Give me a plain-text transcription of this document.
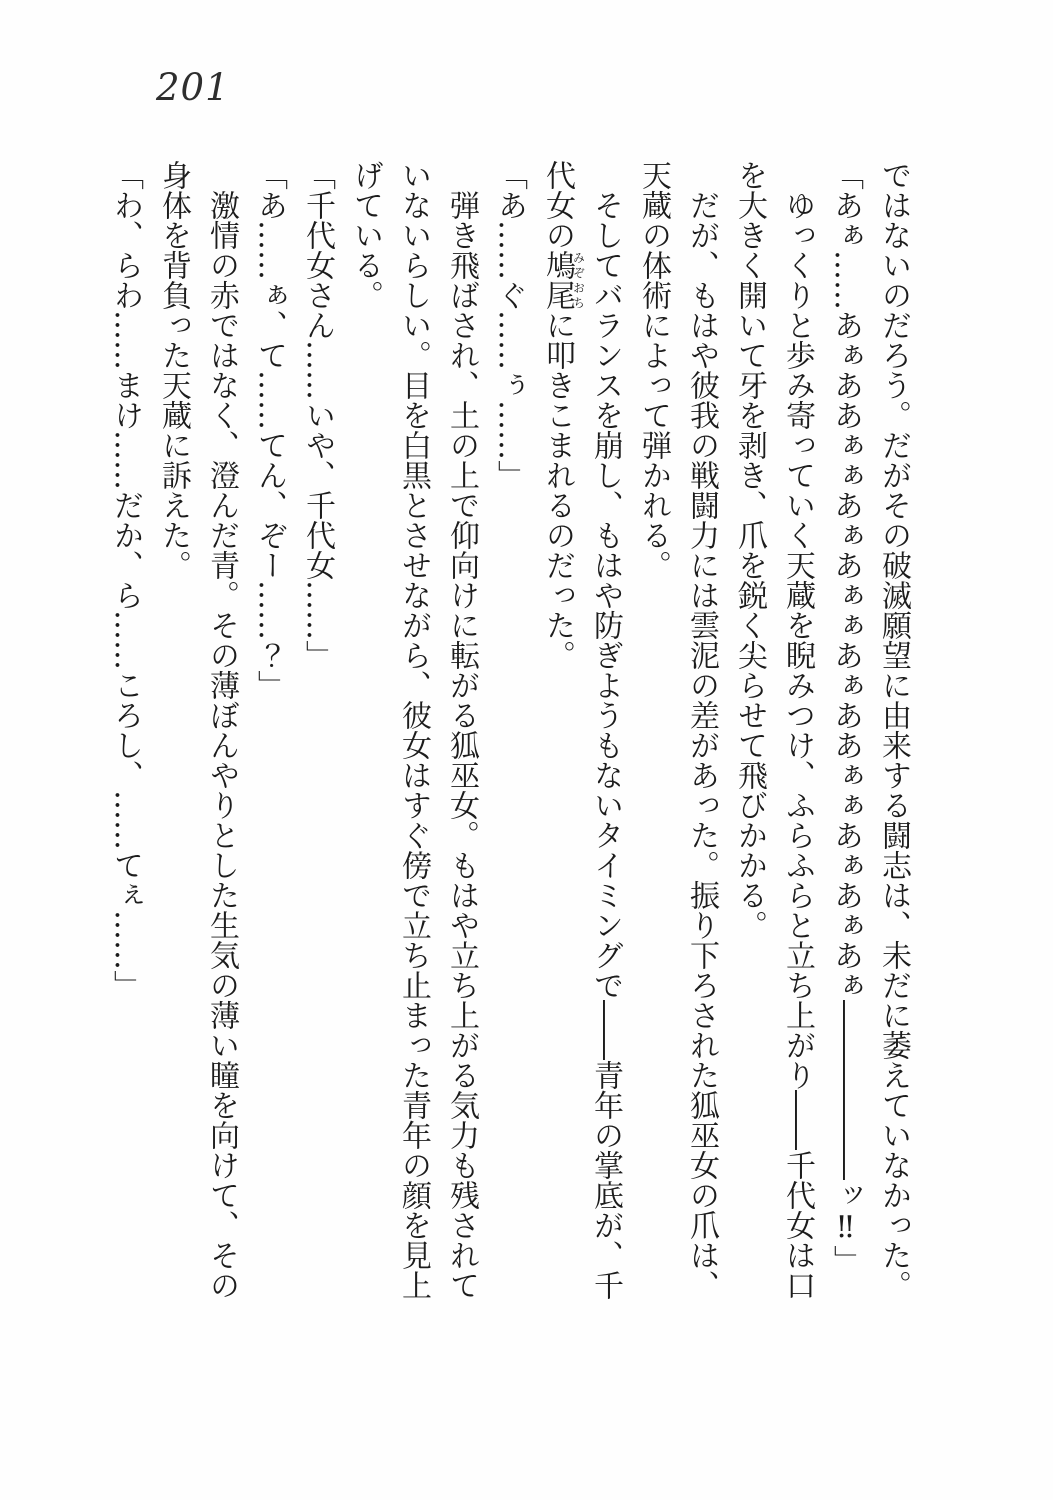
201

ではないのだろう。だがその破滅願望に由来する闘志は、未だに萎えていなかった。

「あぁ……あぁああぁぁあぁあぁぁあぁああぁぁあぁあぁあぁ――――――ッ‼」

ゆっくりと歩み寄っていく天蔵を睨みつけ、ふらふらと立ち上がり――千代女は口を大きく開いて牙を剥き、爪を鋭く尖らせて飛びかかる。

だが、もはや彼我の戦闘力には雲泥の差があった。振り下ろされた狐巫女の爪は、天蔵の体術によって弾かれる。

そしてバランスを崩し、もはや防ぎようもないタイミングで――青年の掌底が、千代女の鳩尾みぞおちに叩きこまれるのだった。

「あ……ぐ……ぅ……」

弾き飛ばされ、土の上で仰向けに転がる狐巫女。もはや立ち上がる気力も残されていないらしい。目を白黒とさせながら、彼女はすぐ傍で立ち止まった青年の顔を見上げている。

「千代女さん……いや、千代女……」

「あ……ぁ、て……てん、ぞー……？」

激情の赤ではなく、澄んだ青。その薄ぼんやりとした生気の薄い瞳を向けて、その身体を背負った天蔵に訴えた。

「わ、らわ……まけ……だか、ら……ころし、……てぇ……」
